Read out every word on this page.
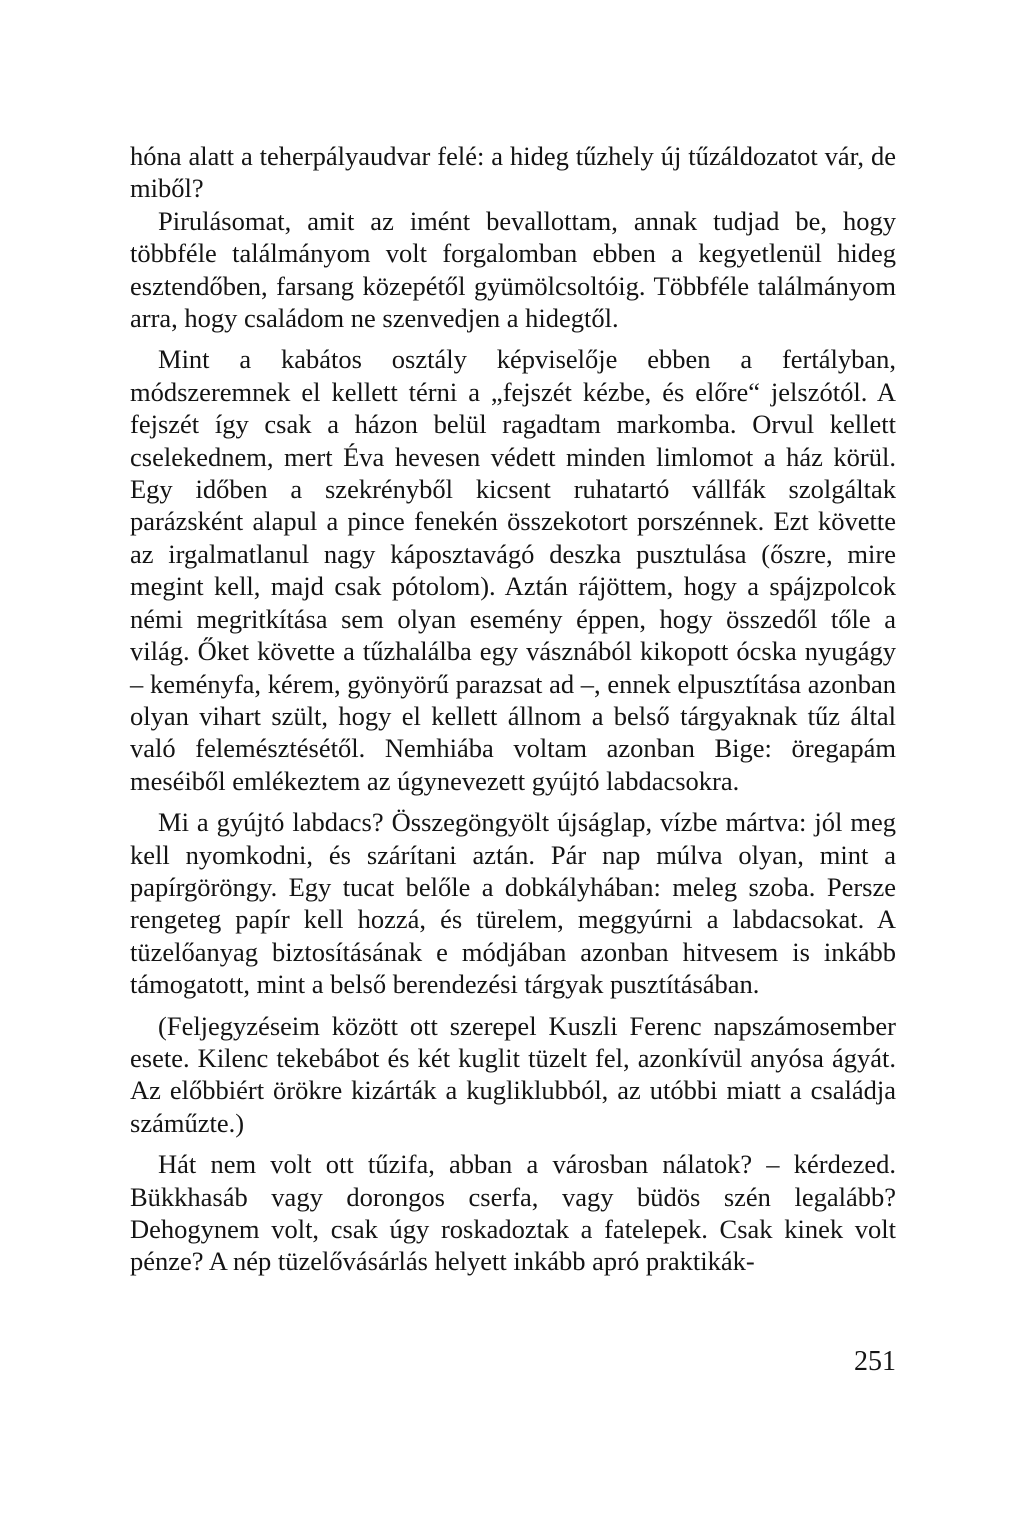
hóna alatt a teherpályaudvar felé: a hideg tűzhely új tűzáldozatot vár, de miből?

Pirulásomat, amit az imént bevallottam, annak tudjad be, hogy többféle találmányom volt forgalomban ebben a kegyetlenül hideg esztendőben, farsang közepétől gyümölcsoltóig. Többféle találmányom arra, hogy családom ne szenvedjen a hidegtől.

Mint a kabátos osztály képviselője ebben a fertályban, módszeremnek el kellett térni a „fejszét kézbe, és előre“ jelszótól. A fejszét így csak a házon belül ragadtam markomba. Orvul kellett cselekednem, mert Éva hevesen védett minden limlomot a ház körül. Egy időben a szekrényből kicsent ruhatartó vállfák szolgáltak parázsként alapul a pince fenekén összekotort porszénnek. Ezt követte az irgalmatlanul nagy káposztavágó deszka pusztulása (őszre, mire megint kell, majd csak pótolom). Aztán rájöttem, hogy a spájzpolcok némi megritkítása sem olyan esemény éppen, hogy összedől tőle a világ. Őket követte a tűzhalálba egy vásznából kikopott ócska nyugágy – keményfa, kérem, gyönyörű parazsat ad –, ennek elpusztítása azonban olyan vihart szült, hogy el kellett állnom a belső tárgyaknak tűz által való felemésztésétől. Nemhiába voltam azonban Bige: öregapám meséiből emlékeztem az úgynevezett gyújtó labdacsokra.

Mi a gyújtó labdacs? Összegöngyölt újságlap, vízbe mártva: jól meg kell nyomkodni, és szárítani aztán. Pár nap múlva olyan, mint a papírgöröngy. Egy tucat belőle a dobkályhában: meleg szoba. Persze rengeteg papír kell hozzá, és türelem, meggyúrni a labdacsokat. A tüzelőanyag biztosításának e módjában azonban hitvesem is inkább támogatott, mint a belső berendezési tárgyak pusztításában.

(Feljegyzéseim között ott szerepel Kuszli Ferenc napszámosember esete. Kilenc tekebábot és két kuglit tüzelt fel, azonkívül anyósa ágyát. Az előbbiért örökre kizárták a kugliklubból, az utóbbi miatt a családja száműzte.)

Hát nem volt ott tűzifa, abban a városban nálatok? – kérdezed. Bükkhasáb vagy dorongos cserfa, vagy büdös szén legalább? Dehogynem volt, csak úgy roskadoztak a fatelepek. Csak kinek volt pénze? A nép tüzelővásárlás helyett inkább apró praktikák-

251
